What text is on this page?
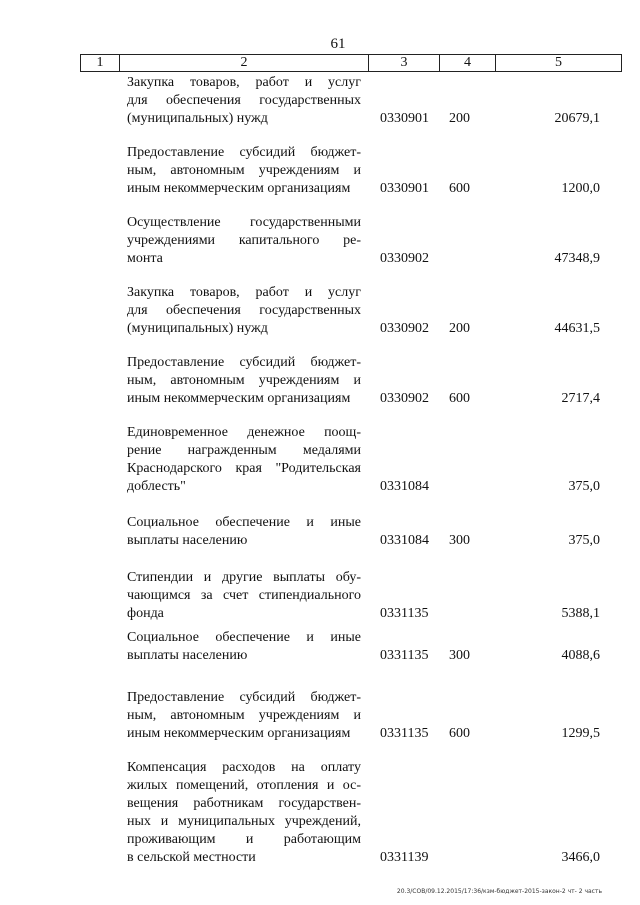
61
1	2	3	4	5
Закупка товаров, работ и услуг
для обеспечения государственных
(муниципальных) нужд	0330901 200	20679,1
Предоставление субсидий бюджет-
ным, автономным учреждениям и
иным некоммерческим организациям	0330901 600	1200,0
Осуществление государственными
учреждениями капитального ре-
монта	0330902	47348,9
Закупка товаров, работ и услуг
для обеспечения государственных
(муниципальных) нужд	0330902 200	44631,5
Предоставление субсидий бюджет-
ным, автономным учреждениям и
иным некоммерческим организациям	0330902 600	2717,4
Единовременное денежное поощ-
рение награжденным медалями
Краснодарского края "Родительская
доблесть"	0331084	375,0
Социальное обеспечение и иные
выплаты населению	0331084 300	375,0
Стипендии и другие выплаты обу-
чающимся за счет стипендиального
фонда	0331135	5388,1
Социальное обеспечение и иные
выплаты населению	0331135 300	4088,6
Предоставление субсидий бюджет-
ным, автономным учреждениям и
иным некоммерческим организациям	0331135 600	1299,5
Компенсация расходов на оплату
жилых помещений, отопления и ос-
вещения работникам государствен-
ных и муниципальных учреждений,
проживающим и работающим
в сельской местности	0331139	3466,0
20.3/СОВ/09.12.2015/17:36/кзм-бюджет-2015-закон-2 чт- 2 часть
